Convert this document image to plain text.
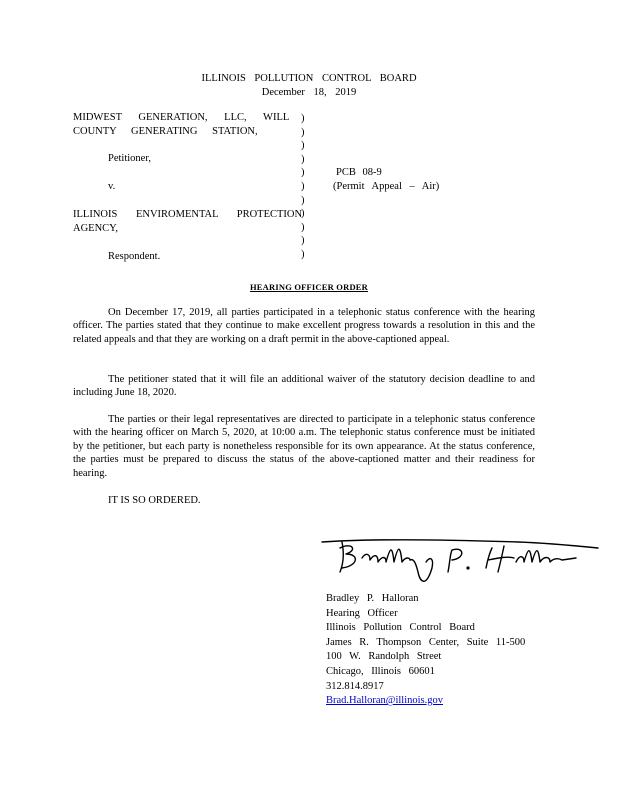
ILLINOIS POLLUTION CONTROL BOARD
December 18, 2019
MIDWEST GENERATION, LLC, WILL
COUNTY GENERATING STATION,
Petitioner,
v.
ILLINOIS ENVIROMENTAL PROTECTION
AGENCY,
Respondent.
)
)
)
)
)
)
)
)
)
)
)
PCB 08-9
(Permit Appeal – Air)
HEARING OFFICER ORDER
On December 17, 2019, all parties participated in a telephonic status conference with the hearing officer. The parties stated that they continue to make excellent progress towards a resolution in this and the related appeals and that they are working on a draft permit in the above-captioned appeal.
The petitioner stated that it will file an additional waiver of the statutory decision deadline to and including June 18, 2020.
The parties or their legal representatives are directed to participate in a telephonic status conference with the hearing officer on March 5, 2020, at 10:00 a.m. The telephonic status conference must be initiated by the petitioner, but each party is nonetheless responsible for its own appearance. At the status conference, the parties must be prepared to discuss the status of the above-captioned matter and their readiness for hearing.
IT IS SO ORDERED.
Bradley P. Halloran
Hearing Officer
Illinois Pollution Control Board
James R. Thompson Center, Suite 11-500
100 W. Randolph Street
Chicago, Illinois 60601
312.814.8917
Brad.Halloran@illinois.gov
